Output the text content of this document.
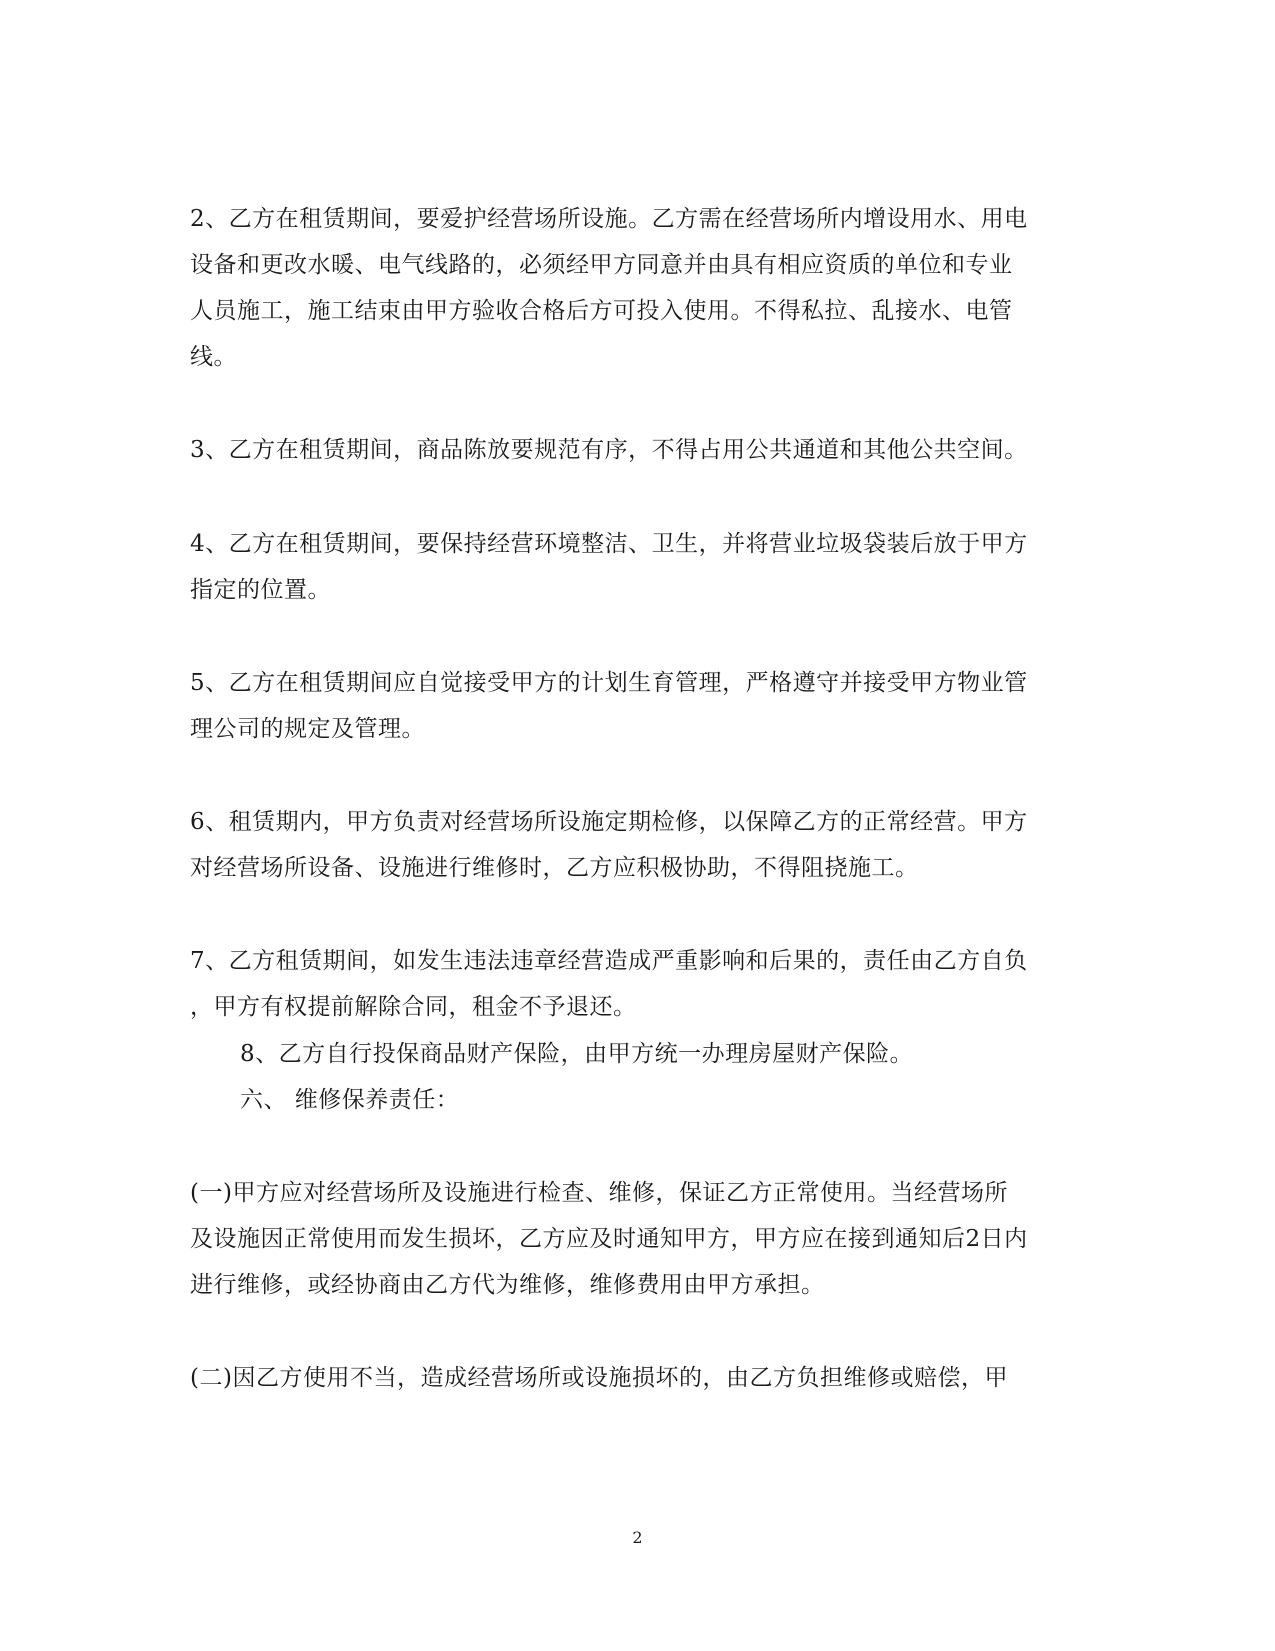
2、乙方在租赁期间，要爱护经营场所设施。乙方需在经营场所内增设用水、用电
设备和更改水暖、电气线路的，必须经甲方同意并由具有相应资质的单位和专业
人员施工，施工结束由甲方验收合格后方可投入使用。不得私拉、乱接水、电管
线。
3、乙方在租赁期间，商品陈放要规范有序，不得占用公共通道和其他公共空间。
4、乙方在租赁期间，要保持经营环境整洁、卫生，并将营业垃圾袋装后放于甲方
指定的位置。
5、乙方在租赁期间应自觉接受甲方的计划生育管理，严格遵守并接受甲方物业管
理公司的规定及管理。
6、租赁期内，甲方负责对经营场所设施定期检修，以保障乙方的正常经营。甲方
对经营场所设备、设施进行维修时，乙方应积极协助，不得阻挠施工。
7、乙方租赁期间，如发生违法违章经营造成严重影响和后果的，责任由乙方自负
，甲方有权提前解除合同，租金不予退还。
8、乙方自行投保商品财产保险，由甲方统一办理房屋财产保险。
六、 维修保养责任：
(一)甲方应对经营场所及设施进行检查、维修，保证乙方正常使用。当经营场所
及设施因正常使用而发生损坏，乙方应及时通知甲方，甲方应在接到通知后2日内
进行维修，或经协商由乙方代为维修，维修费用由甲方承担。
(二)因乙方使用不当，造成经营场所或设施损坏的，由乙方负担维修或赔偿，甲
2
